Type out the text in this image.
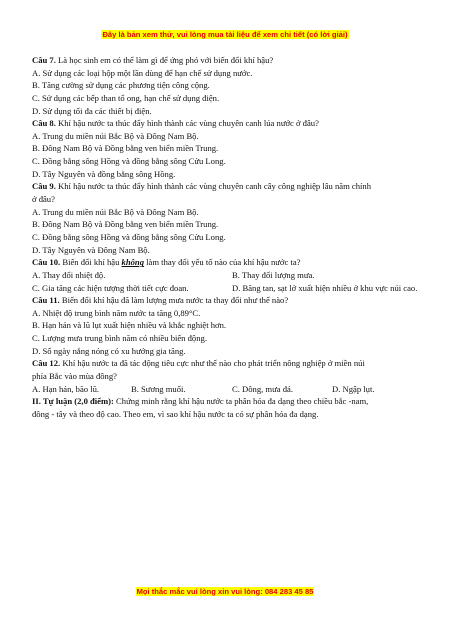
Đây là bản xem thử, vui lòng mua tài liệu để xem chi tiết (có lời giải)
Câu 7. Là học sinh em có thể làm gì để ứng phó với biến đổi khí hậu?
A. Sử dụng các loại hộp một lần dùng để hạn chế sử dụng nước.
B. Tăng cường sử dụng các phương tiện công cộng.
C. Sử dụng các bếp than tổ ong, hạn chế sử dụng điện.
D. Sử dụng tối đa các thiết bị điện.
Câu 8. Khí hậu nước ta thúc đẩy hình thành các vùng chuyên canh lúa nước ở đâu?
A. Trung du miền núi Bắc Bộ và Đông Nam Bộ.
B. Đông Nam Bộ và Đồng bằng ven biển miền Trung.
C. Đồng bằng sông Hồng và đồng bằng sông Cửu Long.
D. Tây Nguyên và đồng bằng sông Hồng.
Câu 9. Khí hậu nước ta thúc đẩy hình thành các vùng chuyên canh cây công nghiệp lâu năm chính
ở đâu?
A. Trung du miền núi Bắc Bộ và Đông Nam Bộ.
B. Đông Nam Bộ và Đồng bằng ven biển miền Trung.
C. Đồng bằng sông Hồng và đồng bằng sông Cửu Long.
D. Tây Nguyên và Đông Nam Bộ.
Câu 10. Biến đổi khí hậu không làm thay đổi yếu tố nào của khí hậu nước ta?
A. Thay đổi nhiệt độ.	B. Thay đổi lượng mưa.
C. Gia tăng các hiện tượng thời tiết cực đoan.	D. Băng tan, sạt lở xuất hiện nhiều ở khu vực núi cao.
Câu 11. Biến đổi khí hậu đã làm lượng mưa nước ta thay đổi như thế nào?
A. Nhiệt độ trung bình năm nước ta tăng 0,89°C.
B. Hạn hán và lũ lụt xuất hiện nhiều và khắc nghiệt hơn.
C. Lượng mưa trung bình năm có nhiều biến động.
D. Số ngày nắng nóng có xu hướng gia tăng.
Câu 12. Khí hậu nước ta đã tác động tiêu cực như thế nào cho phát triển nông nghiệp ở miền núi
phía Bắc vào mùa đông?
A. Hạn hán, bão lũ.	B. Sương muối.	C. Dông, mưa đá.	D. Ngập lụt.
II. Tự luận (2,0 điểm): Chứng minh rằng khí hậu nước ta phân hóa đa dạng theo chiều bắc -nam,
đông - tây và theo độ cao. Theo em, vì sao khí hậu nước ta có sự phân hóa đa dạng.
Mọi thắc mắc vui lòng xin vui lòng: 084 283 45 85
